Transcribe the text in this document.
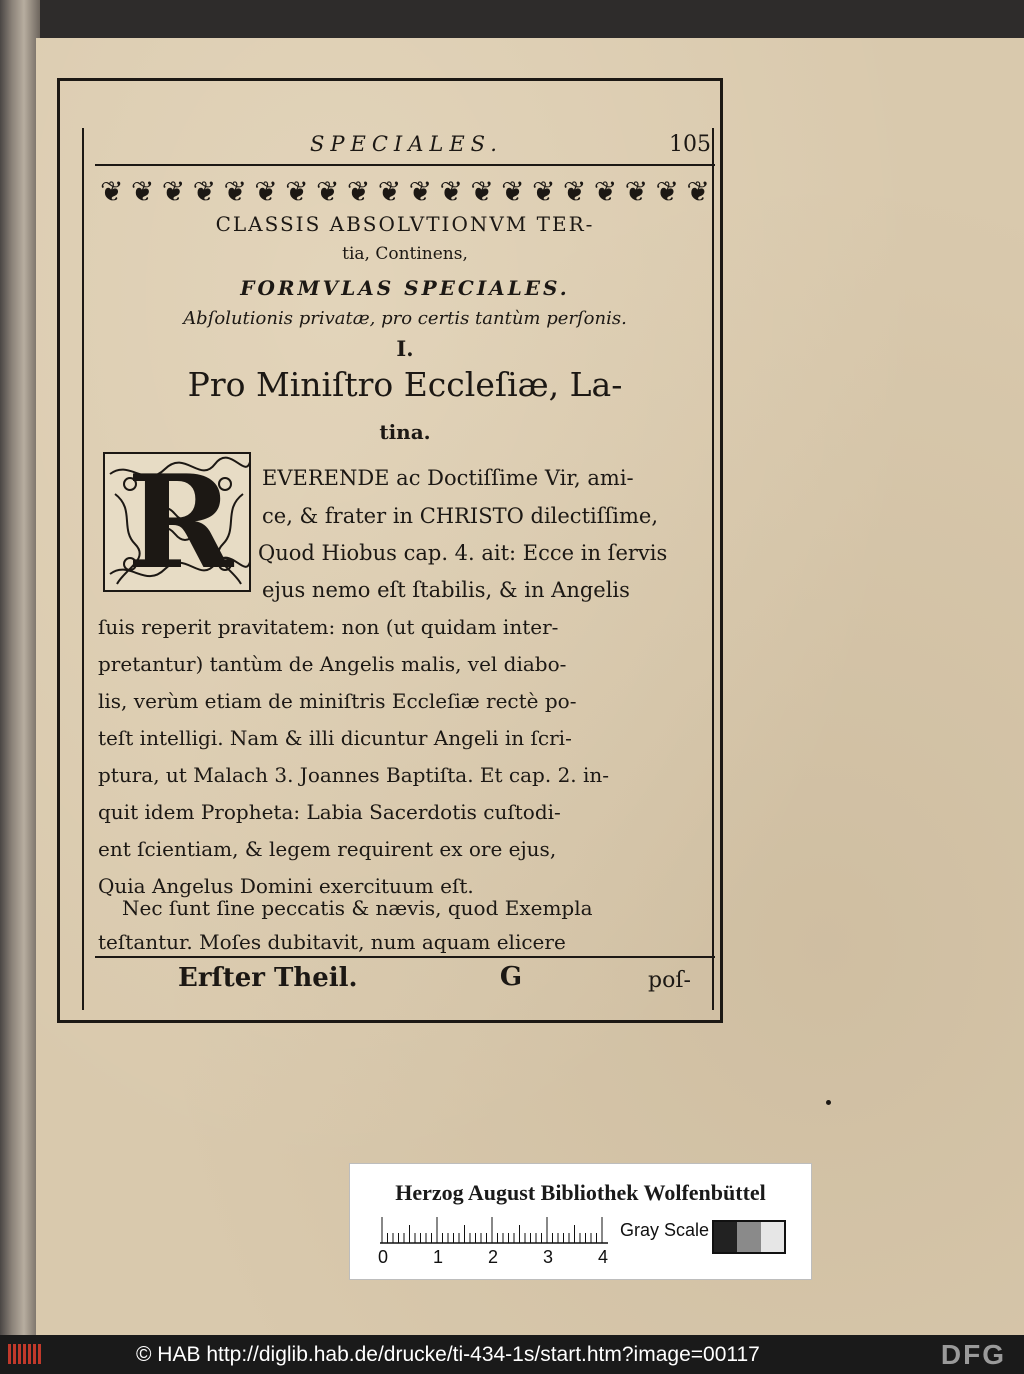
SPECIALES.	105
❦ ❦ ❦ ❦ ❦ ❦ ❦ ❦ ❦ ❦ ❦ ❦ ❦ ❦ ❦ ❦ ❦ ❦ ❦ ❦
CLASSIS ABSOLVTIONVM TER-
tia, Continens,
FORMVLAS SPECIALES.
Abſolutionis privatæ, pro certis tantùm perſonis.
I.
Pro Miniſtro Eccleſiæ, La-
tina.
R EVERENDE ac Doctiſſime Vir, ami-
ce, & frater in CHRISTO dilectiſſime,
Quod Hiobus cap. 4. ait: Ecce in ſervis
ejus nemo eſt ſtabilis, & in Angelis
ſuis reperit pravitatem: non (ut quidam inter-
pretantur) tantùm de Angelis malis, vel diabo-
lis, verùm etiam de miniſtris Eccleſiæ rectè po-
teſt intelligi. Nam & illi dicuntur Angeli in ſcri-
ptura, ut Malach 3. Joannes Baptiſta. Et cap. 2. in-
quit idem Propheta: Labia Sacerdotis cuſtodi-
ent ſcientiam, & legem requirent ex ore ejus,
Quia Angelus Domini exercituum eſt.
Nec ſunt ſine peccatis & nævis, quod Exempla
teſtantur. Moſes dubitavit, num aquam elicere
Erſter Theil.	G	poſ-
Herzog August Bibliothek Wolfenbüttel
0 1 2 3 4
Gray Scale
© HAB http://diglib.hab.de/drucke/ti-434-1s/start.htm?image=00117	DFG
